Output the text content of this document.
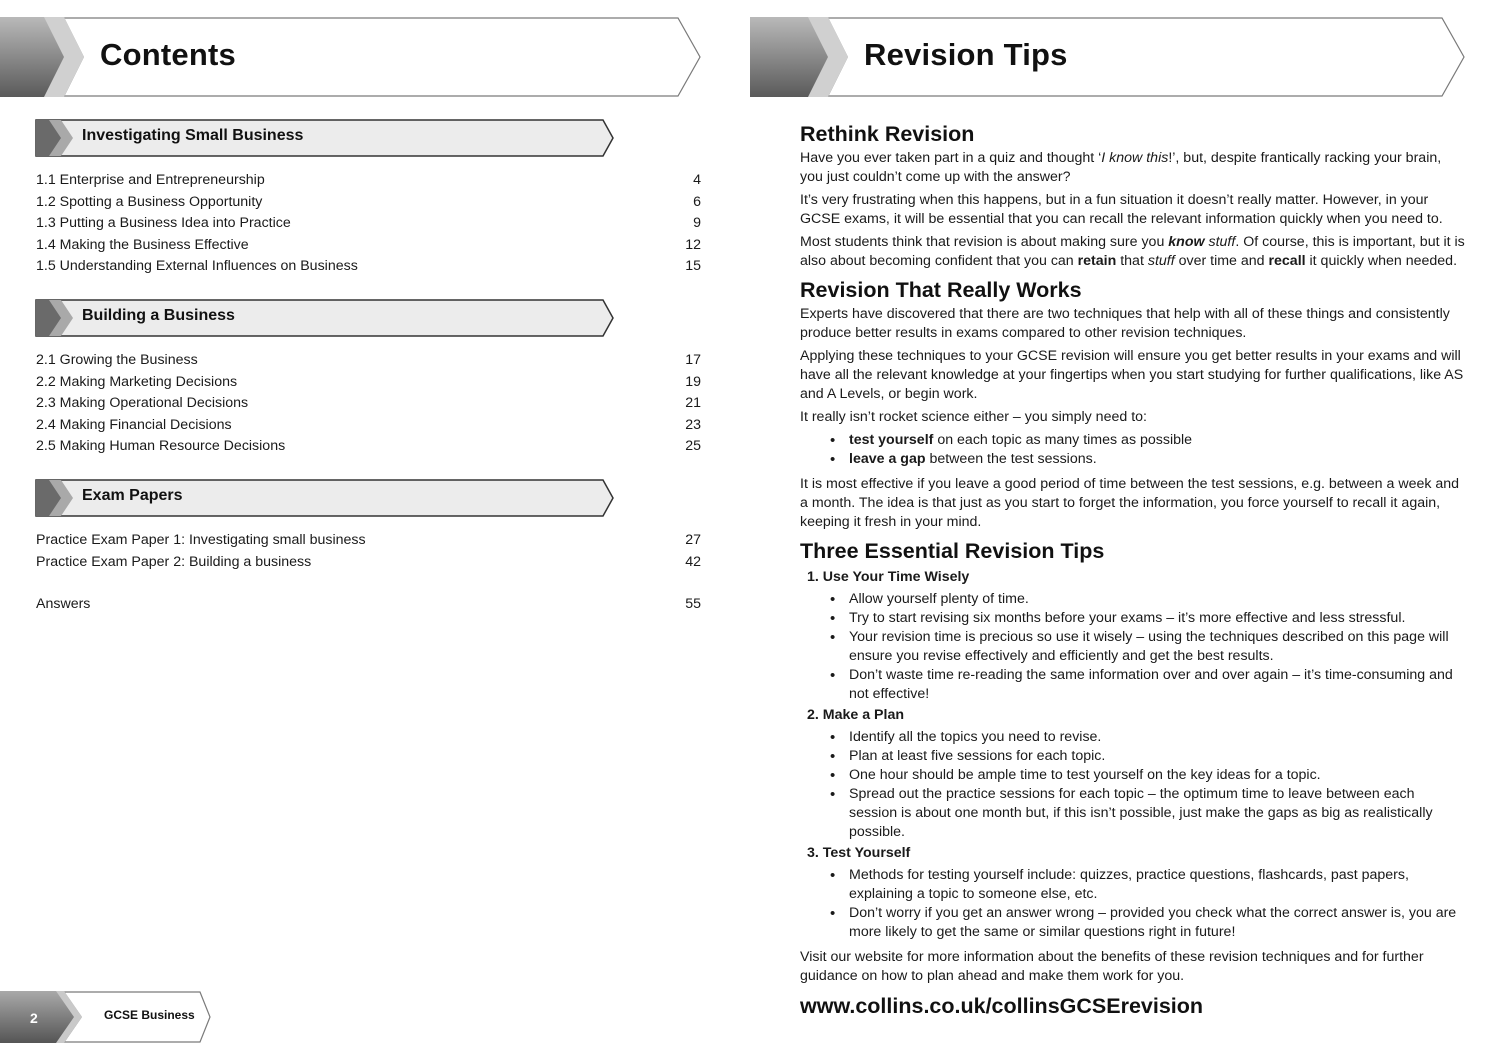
Contents
Investigating Small Business
1.1 Enterprise and Entrepreneurship	4
1.2 Spotting a Business Opportunity	6
1.3 Putting a Business Idea into Practice	9
1.4 Making the Business Effective	12
1.5 Understanding External Influences on Business	15
Building a Business
2.1 Growing the Business	17
2.2 Making Marketing Decisions	19
2.3 Making Operational Decisions	21
2.4 Making Financial Decisions	23
2.5 Making Human Resource Decisions	25
Exam Papers
Practice Exam Paper 1: Investigating small business	27
Practice Exam Paper 2: Building a business	42
Answers	55
2	GCSE Business
Revision Tips
Rethink Revision

Have you ever taken part in a quiz and thought ‘I know this!’, but, despite frantically racking your brain, you just couldn’t come up with the answer?

It’s very frustrating when this happens, but in a fun situation it doesn’t really matter. However, in your GCSE exams, it will be essential that you can recall the relevant information quickly when you need to.

Most students think that revision is about making sure you know stuff. Of course, this is important, but it is also about becoming confident that you can retain that stuff over time and recall it quickly when needed.

Revision That Really Works

Experts have discovered that there are two techniques that help with all of these things and consistently produce better results in exams compared to other revision techniques.

Applying these techniques to your GCSE revision will ensure you get better results in your exams and will have all the relevant knowledge at your fingertips when you start studying for further qualifications, like AS and A Levels, or begin work.

It really isn’t rocket science either – you simply need to:

• test yourself on each topic as many times as possible
• leave a gap between the test sessions.

It is most effective if you leave a good period of time between the test sessions, e.g. between a week and a month. The idea is that just as you start to forget the information, you force yourself to recall it again, keeping it fresh in your mind.

Three Essential Revision Tips
1. Use Your Time Wisely
• Allow yourself plenty of time.
• Try to start revising six months before your exams – it’s more effective and less stressful.
• Your revision time is precious so use it wisely – using the techniques described on this page will ensure you revise effectively and efficiently and get the best results.
• Don’t waste time re-reading the same information over and over again – it’s time-consuming and not effective!
2. Make a Plan
• Identify all the topics you need to revise.
• Plan at least five sessions for each topic.
• One hour should be ample time to test yourself on the key ideas for a topic.
• Spread out the practice sessions for each topic – the optimum time to leave between each session is about one month but, if this isn’t possible, just make the gaps as big as realistically possible.
3. Test Yourself
• Methods for testing yourself include: quizzes, practice questions, flashcards, past papers, explaining a topic to someone else, etc.
• Don’t worry if you get an answer wrong – provided you check what the correct answer is, you are more likely to get the same or similar questions right in future!

Visit our website for more information about the benefits of these revision techniques and for further guidance on how to plan ahead and make them work for you.

www.collins.co.uk/collinsGCSErevision
